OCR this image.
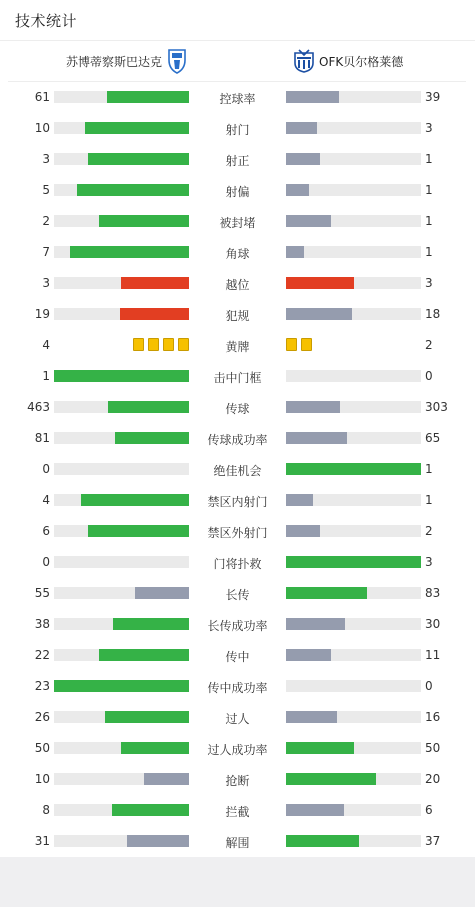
技术统计
苏博蒂察斯巴达克	OFK贝尔格莱德
61	控球率	39
10	射门	3
3	射正	1
5	射偏	1
2	被封堵	1
7	角球	1
3	越位	3
19	犯规	18
4	黄牌	2
1	击中门框	0
463	传球	303
81	传球成功率	65
0	绝佳机会	1
4	禁区内射门	1
6	禁区外射门	2
0	门将扑救	3
55	长传	83
38	长传成功率	30
22	传中	11
23	传中成功率	0
26	过人	16
50	过人成功率	50
10	抢断	20
8	拦截	6
31	解围	37
